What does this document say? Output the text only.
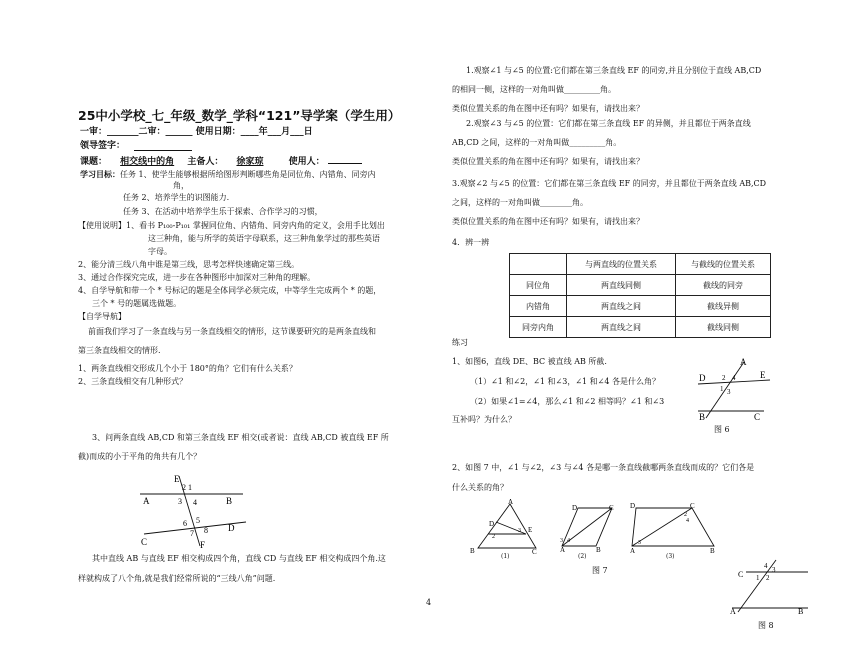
25中小学校_七_年级_数学_学科“121”导学案（学生用）
一审：_______二审：______ 使用日期：____年___月___日
领导签字：
课题： 相交线中的角 主备人： 徐家琼	使用人：
学习目标：任务 1、使学生能够根据所给图形判断哪些角是同位角、内错角、同旁内
角，
任务 2、培养学生的识图能力.
任务 3、在活动中培养学生乐于探索、合作学习的习惯，
【使用说明】1、看书 P₁₀₀-P₁₀₁ 掌握同位角、内错角、同旁内角的定义，会用手比划出
这三种角，能与所学的英语字母联系，这三种角象学过的那些英语
字母。
2、能分清三线八角中谁是第三线，思考怎样快速确定第三线。
3、通过合作探究完成，进一步在各种图形中加深对三种角的理解。
4、自学导航和带一个 * 号标记的题是全体同学必须完成，中等学生完成两个 * 的题，
三个 * 号的题属选做题。
【自学导航】
前面我们学习了一条直线与另一条直线相交的情形，这节课要研究的是两条直线和
第三条直线相交的情形.
1、两条直线相交形成几个小于 180°的角？它们有什么关系？
2、三条直线相交有几种形式？
3、问两条直线 AB,CD 和第三条直线 EF 相交(或者说：直线 AB,CD 被直线 EF 所
截)而成的小于平角的角共有几个？
E
2 1
A	B
3 4
6 5
7 8 D
C	F
其中直线 AB 与直线 EF 相交构成四个角，直线 CD 与直线 EF 相交构成四个角.这
样就构成了八个角,就是我们经常所说的“三线八角”问题.
4
1.观察∠1 与∠5 的位置:它们都在第三条直线 EF 的同旁,并且分别位于直线 AB,CD
的相同一侧，这样的一对角叫做_________角。
类似位置关系的角在图中还有吗？如果有，请找出来？
2.观察∠3 与∠5 的位置：它们都在第三条直线 EF 的异侧，并且都位于两条直线
AB,CD 之间，这样的一对角叫做_________角。
类似位置关系的角在图中还有吗？如果有，请找出来？
3.观察∠2 与∠5 的位置：它们都在第三条直线 EF 的同旁，并且都位于两条直线 AB,CD
之间，这样的一对角叫做________角。
类似位置关系的角在图中还有吗？如果有，请找出来？
4．辨一辨
	与两直线的位置关系	与截线的位置关系
同位角	两直线同侧	截线的同旁
内错角	两直线之间	截线异侧
同旁内角	两直线之间	截线同侧
练习
1、如图6，直线 DE、BC 被直线 AB 所截.
（1）∠1 和∠2，∠1 和∠3，∠1 和∠4 各是什么角？
（2）如果∠1=∠4，那么∠1 和∠2 相等吗？∠1 和∠3
互补吗？为什么？
A
D	E
2 4
1 3
B	C
图 6
2、如图 7 中，∠1 与∠2，∠3 与∠4 各是哪一条直线截哪两条直线而成的？它们各是
什么关系的角？
A
D
E
B	C
2
3
(1)
D	C
3 4
A	B
(2)
D	C
2
4
3
A	B
(3)
图 7	C
4 3
1 2
A	B
图 8
